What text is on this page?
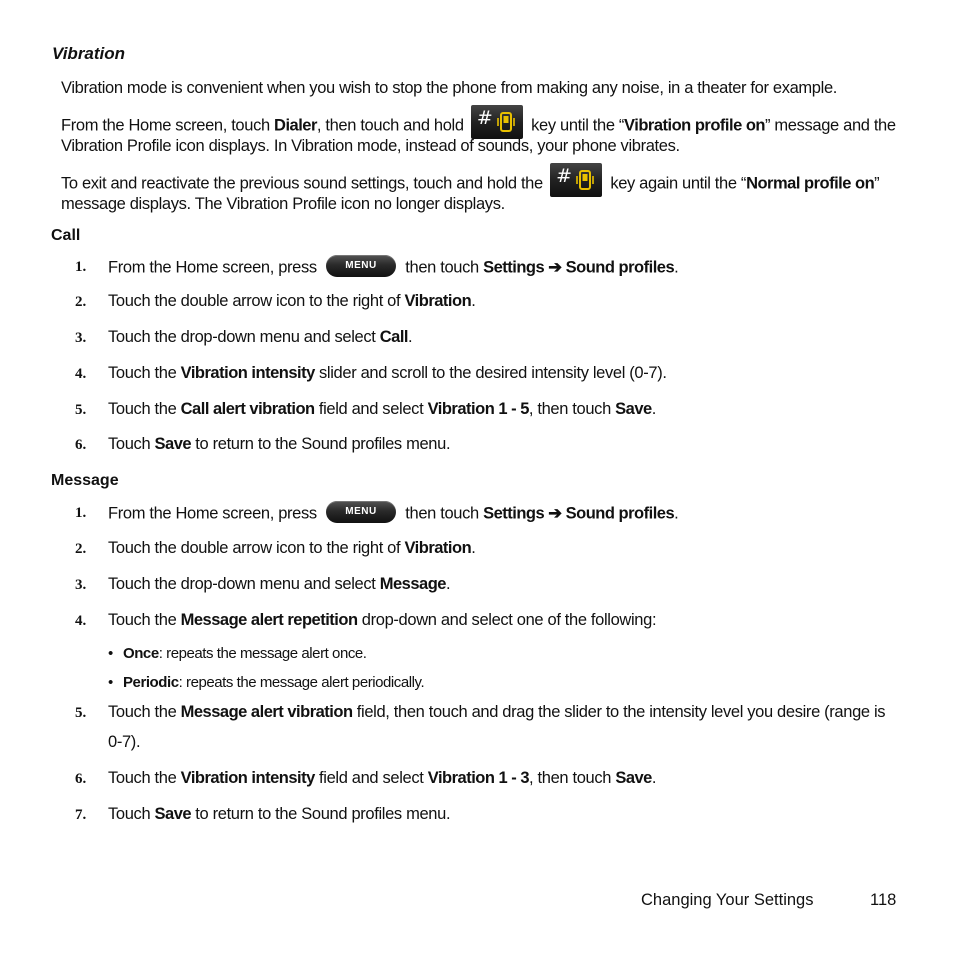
Vibration
Vibration mode is convenient when you wish to stop the phone from making any noise, in a theater for example.
From the Home screen, touch Dialer, then touch and hold # key until the “Vibration profile on” message and the
Vibration Profile icon displays. In Vibration mode, instead of sounds, your phone vibrates.
To exit and reactivate the previous sound settings, touch and hold the # key again until the “Normal profile on”
message displays. The Vibration Profile icon no longer displays.
Call
1. From the Home screen, press	MENU then touch Settings ➔ Sound profiles.
2. Touch the double arrow icon to the right of Vibration.
3. Touch the drop-down menu and select Call.
4. Touch the Vibration intensity slider and scroll to the desired intensity level (0-7).
5. Touch the Call alert vibration field and select Vibration 1 - 5, then touch Save.
6. Touch Save to return to the Sound profiles menu.
Message
1. From the Home screen, press	MENU then touch Settings ➔ Sound profiles.
2. Touch the double arrow icon to the right of Vibration.
3. Touch the drop-down menu and select Message.
4. Touch the Message alert repetition drop-down and select one of the following:
• Once: repeats the message alert once.
• Periodic: repeats the message alert periodically.
5. Touch the Message alert vibration field, then touch and drag the slider to the intensity level you desire (range is
0-7).
6. Touch the Vibration intensity field and select Vibration 1 - 3, then touch Save.
7. Touch Save to return to the Sound profiles menu.
Changing Your Settings	118
